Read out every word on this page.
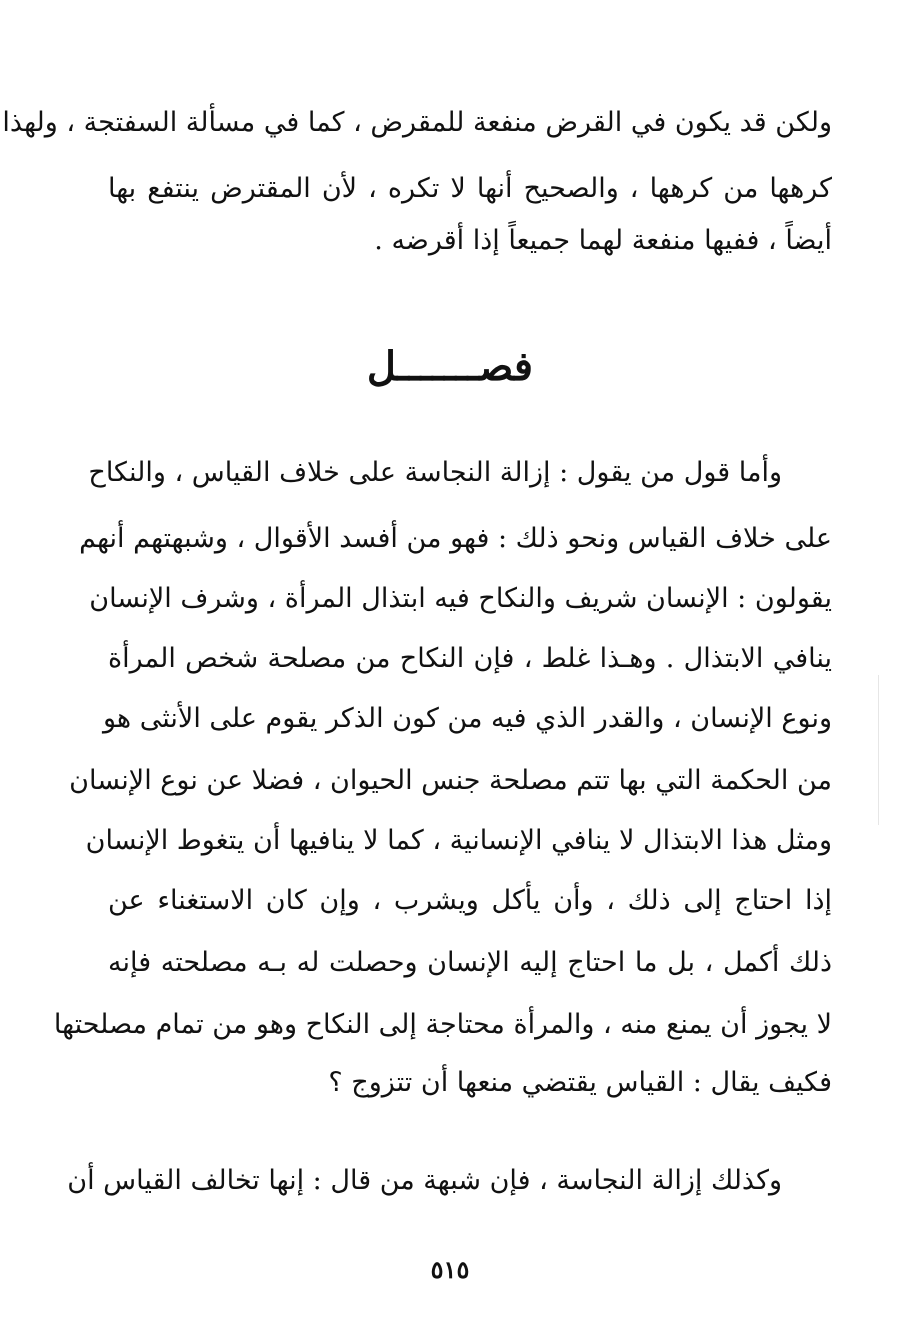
ولكن قد يكون في القرض منفعة للمقرض ، كما في مسألة السفتجة ، ولهذا
كرهها من كرهها ، والصحيح أنها لا تكره ، لأن المقترض ينتفع بها
أيضاً ، ففيها منفعة لهما جميعاً إذا أقرضه .
فصـــــــل
وأما قول من يقول : إزالة النجاسة على خلاف القياس ، والنكاح
على خلاف القياس ونحو ذلك : فهو من أفسد الأقوال ، وشبهتهم أنهم
يقولون : الإنسان شريف والنكاح فيه ابتذال المرأة ، وشرف الإنسان
ينافي الابتذال . وهـذا غلط ، فإن النكاح من مصلحة شخص المرأة
ونوع الإنسان ، والقدر الذي فيه من كون الذكر يقوم على الأنثى هو
من الحكمة التي بها تتم مصلحة جنس الحيوان ، فضلا عن نوع الإنسان
ومثل هذا الابتذال لا ينافي الإنسانية ، كما لا ينافيها أن يتغوط الإنسان
إذا احتاج إلى ذلك ، وأن يأكل ويشرب ، وإن كان الاستغناء عن
ذلك أكمل ، بل ما احتاج إليه الإنسان وحصلت له بـه مصلحته فإنه
لا يجوز أن يمنع منه ، والمرأة محتاجة إلى النكاح وهو من تمام مصلحتها
فكيف يقال : القياس يقتضي منعها أن تتزوج ؟
وكذلك إزالة النجاسة ، فإن شبهة من قال : إنها تخالف القياس أن
٥١٥
